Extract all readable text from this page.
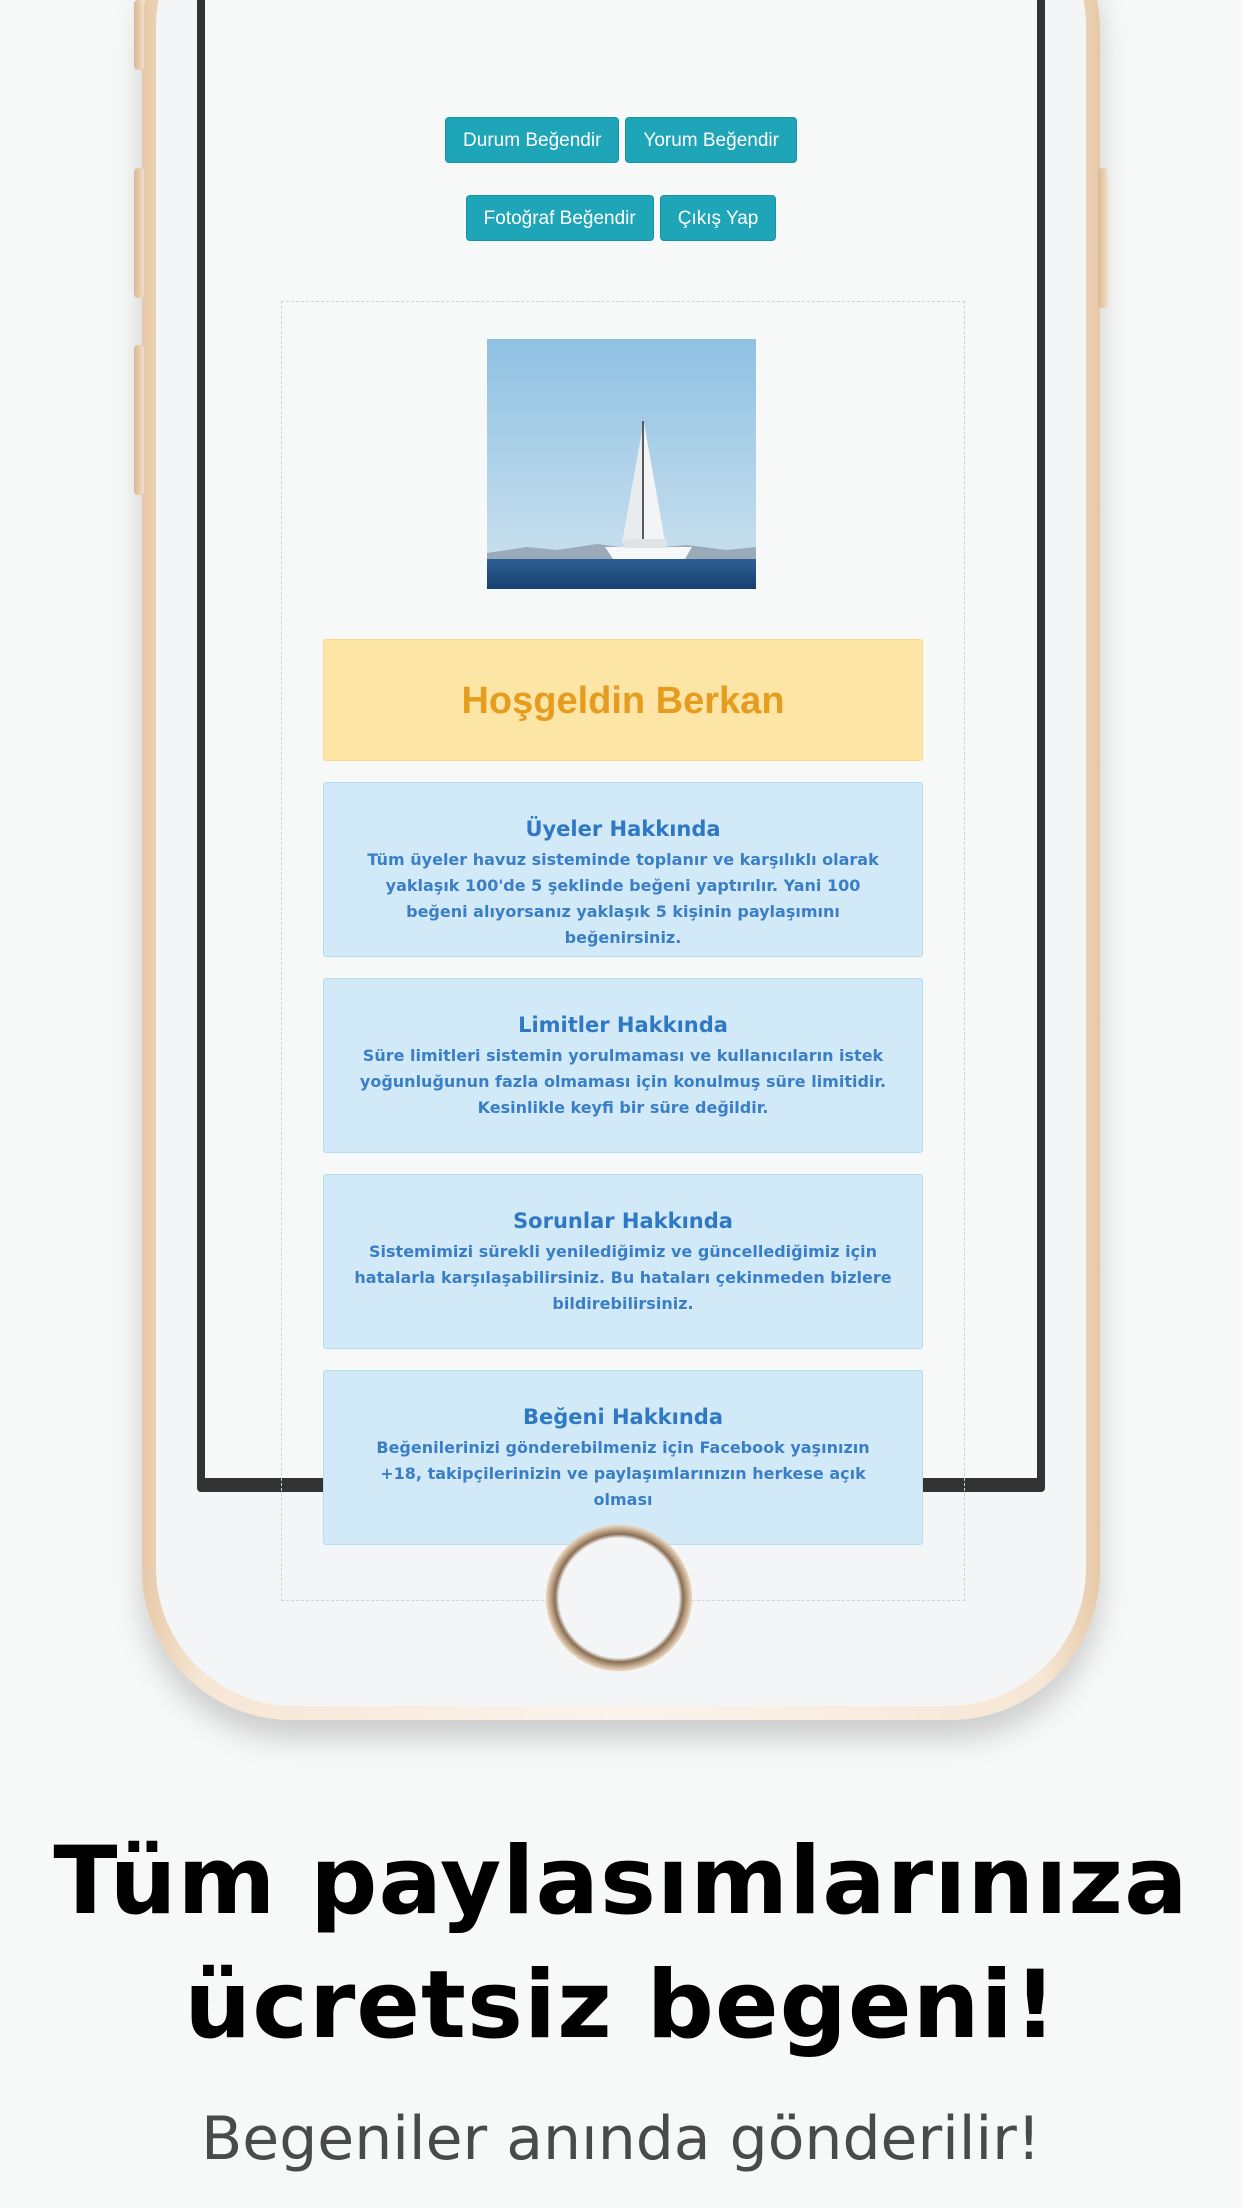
Durum Beğendir	Yorum Beğendir
Fotoğraf Beğendir	Çıkış Yap
Hoşgeldin Berkan
Üyeler Hakkında

Tüm üyeler havuz sisteminde toplanır ve karşılıklı olarak yaklaşık 100'de 5 şeklinde beğeni yaptırılır. Yani 100 beğeni alıyorsanız yaklaşık 5 kişinin paylaşımını beğenirsiniz.

Limitler Hakkında

Süre limitleri sistemin yorulmaması ve kullanıcıların istek yoğunluğunun fazla olmaması için konulmuş süre limitidir. Kesinlikle keyfi bir süre değildir.

Sorunlar Hakkında

Sistemimizi sürekli yenilediğimiz ve güncellediğimiz için hatalarla karşılaşabilirsiniz. Bu hataları çekinmeden bizlere bildirebilirsiniz.

Beğeni Hakkında

Beğenilerinizi gönderebilmeniz için Facebook yaşınızın +18, takipçilerinizin ve paylaşımlarınızın herkese açık olması

Tüm paylasımlarınıza
ücretsiz begeni!
Begeniler anında gönderilir!
